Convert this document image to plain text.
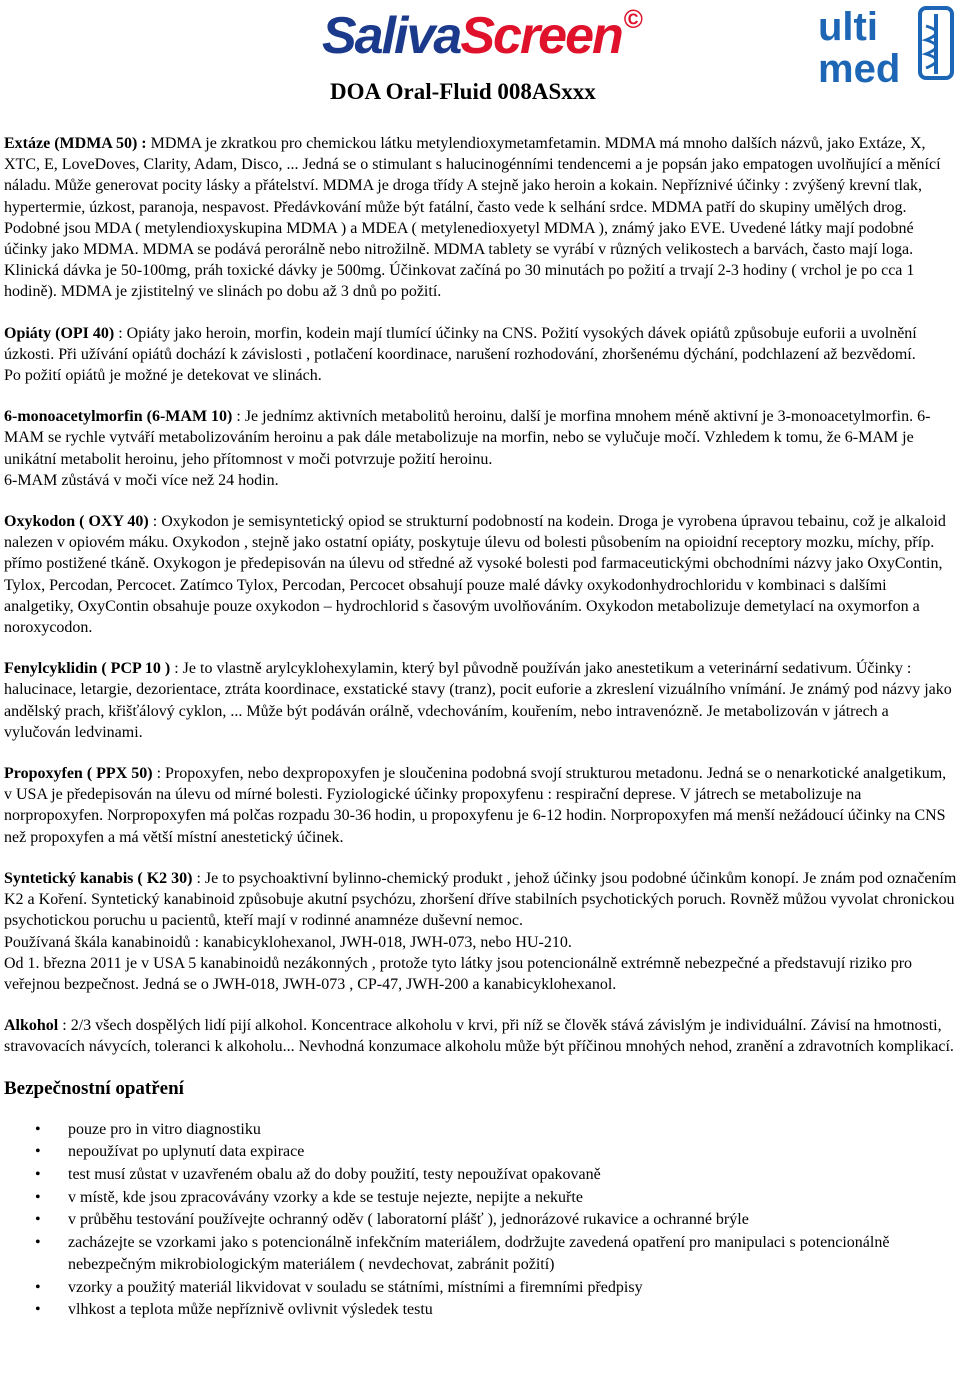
SalivaScreen©
DOA Oral-Fluid 008ASxxx
ulti
med

Extáze (MDMA 50) : MDMA je zkratkou pro chemickou látku metylendioxymetamfetamin. MDMA má mnoho dalších názvů, jako Extáze, X, XTC, E, LoveDoves, Clarity, Adam, Disco, ... Jedná se o stimulant s halucinogénními tendencemi a je popsán jako empatogen uvolňující a měnící náladu. Může generovat pocity lásky a přátelství. MDMA je droga třídy A stejně jako heroin a kokain. Nepříznivé účinky : zvýšený krevní tlak, hypertermie, úzkost, paranoja, nespavost. Předávkování může být fatální, často vede k selhání srdce. MDMA patří do skupiny umělých drog. Podobné jsou MDA ( metylendioxyskupina MDMA ) a MDEA ( metylenedioxyetyl MDMA ), známý jako EVE. Uvedené látky mají podobné účinky jako MDMA. MDMA se podává perorálně nebo nitrožilně. MDMA tablety se vyrábí v různých velikostech a barvách, často mají loga. Klinická dávka je 50-100mg, práh toxické dávky je 500mg. Účinkovat začíná po 30 minutách po požití a trvají 2-3 hodiny ( vrchol je po cca 1 hodině). MDMA je zjistitelný ve slinách po dobu až 3 dnů po požití.

Opiáty (OPI 40) : Opiáty jako heroin, morfin, kodein mají tlumící účinky na CNS. Požití vysokých dávek opiátů způsobuje euforii a uvolnění úzkosti. Při užívání opiátů dochází k závislosti , potlačení koordinace, narušení rozhodování, zhoršenému dýchání, podchlazení až bezvědomí.
Po požití opiátů je možné je detekovat ve slinách.

6-monoacetylmorfin (6-MAM 10) : Je jednímz aktivních metabolitů heroinu, další je morfina mnohem méně aktivní je 3-monoacetylmorfin. 6-MAM se rychle vytváří metabolizováním heroinu a pak dále metabolizuje na morfin, nebo se vylučuje močí. Vzhledem k tomu, že 6-MAM je unikátní metabolit heroinu, jeho přítomnost v moči potvrzuje požití heroinu.
6-MAM zůstává v moči více než 24 hodin.

Oxykodon ( OXY 40) : Oxykodon je semisyntetický opiod se strukturní podobností na kodein. Droga je vyrobena úpravou tebainu, což je alkaloid nalezen v opiovém máku. Oxykodon , stejně jako ostatní opiáty, poskytuje úlevu od bolesti působením na opioidní receptory mozku, míchy, příp. přímo postižené tkáně. Oxykogon je předepisován na úlevu od středné až vysoké bolesti pod farmaceutickými obchodními názvy jako OxyContin, Tylox, Percodan, Percocet. Zatímco Tylox, Percodan, Percocet obsahují pouze malé dávky oxykodonhydrochloridu v kombinaci s dalšími analgetiky, OxyContin obsahuje pouze oxykodon – hydrochlorid s časovým uvolňováním. Oxykodon metabolizuje demetylací na oxymorfon a noroxycodon.

Fenylcyklidin ( PCP 10 ) : Je to vlastně arylcyklohexylamin, který byl původně používán jako anestetikum a veterinární sedativum. Účinky : halucinace, letargie, dezorientace, ztráta koordinace, exstatické stavy (tranz), pocit euforie a zkreslení vizuálního vnímání. Je známý pod názvy jako andělský prach, křišťálový cyklon, ... Může být podáván orálně, vdechováním, kouřením, nebo intravenózně. Je metabolizován v játrech a vylučován ledvinami.

Propoxyfen ( PPX 50) : Propoxyfen, nebo dexpropoxyfen je sloučenina podobná svojí strukturou metadonu. Jedná se o nenarkotické analgetikum, v USA je předepisován na úlevu od mírné bolesti. Fyziologické účinky propoxyfenu : respirační deprese. V játrech se metabolizuje na norpropoxyfen. Norpropoxyfen má polčas rozpadu 30-36 hodin, u propoxyfenu je 6-12 hodin. Norpropoxyfen má menší nežádoucí účinky na CNS než propoxyfen a má větší místní anestetický účinek.

Syntetický kanabis ( K2 30) : Je to psychoaktivní bylinno-chemický produkt , jehož účinky jsou podobné účinkům konopí. Je znám pod označením K2 a Koření. Syntetický kanabinoid způsobuje akutní psychózu, zhoršení dříve stabilních psychotických poruch. Rovněž můžou vyvolat chronickou psychotickou poruchu u pacientů, kteří mají v rodinné anamnéze duševní nemoc.
Používaná škála kanabinoidů : kanabicyklohexanol, JWH-018, JWH-073, nebo HU-210.
Od 1. března 2011 je v USA 5 kanabinoidů nezákonných , protože tyto látky jsou potencionálně extrémně nebezpečné a představují riziko pro veřejnou bezpečnost. Jedná se o JWH-018, JWH-073 , CP-47, JWH-200 a kanabicyklohexanol.

Alkohol : 2/3 všech dospělých lidí pijí alkohol. Koncentrace alkoholu v krvi, při níž se člověk stává závislým je individuální. Závisí na hmotnosti, stravovacích návycích, toleranci k alkoholu... Nevhodná konzumace alkoholu může být příčinou mnohých nehod, zranění a zdravotních komplikací.

Bezpečnostní opatření
• pouze pro in vitro diagnostiku
• nepoužívat po uplynutí data expirace
• test musí zůstat v uzavřeném obalu až do doby použití, testy nepoužívat opakovaně
• v místě, kde jsou zpracovávány vzorky a kde se testuje nejezte, nepijte a nekuřte
• v průběhu testování používejte ochranný oděv ( laboratorní plášť ), jednorázové rukavice a ochranné brýle
• zacházejte se vzorkami jako s potencionálně infekčním materiálem, dodržujte zavedená opatření pro manipulaci s potencionálně nebezpečným mikrobiologickým materiálem ( nevdechovat, zabránit požití)
• vzorky a použitý materiál likvidovat v souladu se státními, místními a firemními předpisy
• vlhkost a teplota může nepříznivě ovlivnit výsledek testu
